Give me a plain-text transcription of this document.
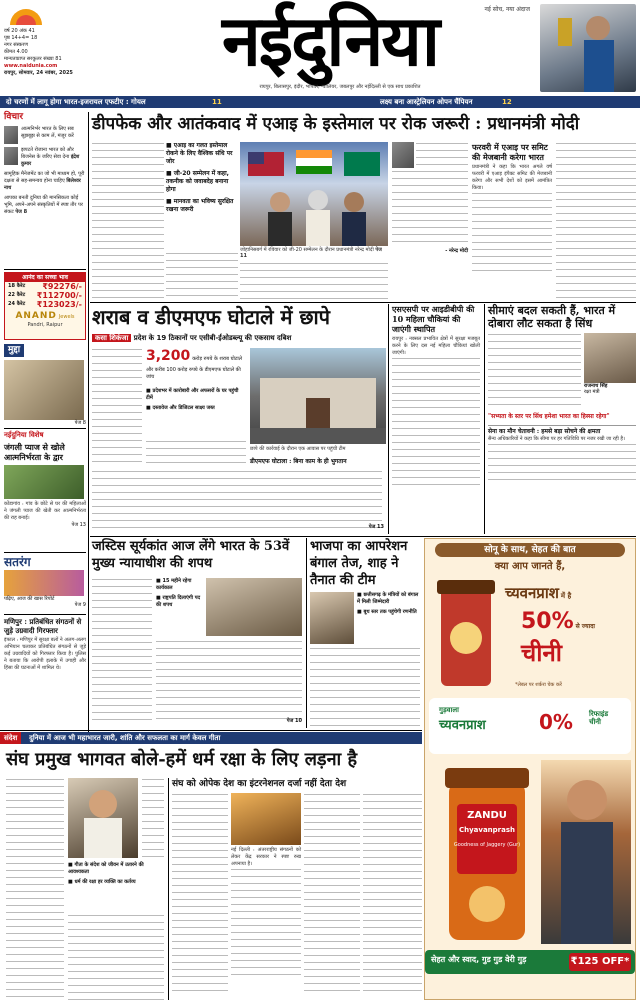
वर्ष 20 अंक 41
पृष्ठ 14+4= 18
नगर संस्करण
कीमत 4.00
मान्यताप्राप्त सरकुलर संख्या 81
www.naidunia.com
रायपुर, सोमवार, 24 नवंबर, 2025	नईदुनिया	नई सोच, नया अंदाज
रायपुर, बिलासपुर, इंदौर, भोपाल, ग्वालियर, जबलपुर और नईदिल्ली से एक साथ प्रकाशित
दो चरणों में लागू होगा भारत-इजरायल एफटीए : गोयल	11	लक्ष्य बना आस्ट्रेलियन ओपन चैंपियन	12
विचार
आत्मनिर्भर भारत के लिए सब सूझबूझ से काम लें, मंजूर करें
झपटते रोजाना भारत को और बिजनेस के जरिए सेवा देना इंद्रेश कुमार
सामूहिक मैनेजमेंट का जो भी माध्यम हो, पूरी दक्षता से सह-समन्वय होना चाहिए बिलेश्वर नाथ
आपका बनती दुनिया की मानसिकता कोई भूमि, अपने-अपने संस्कृतियों में स्पष्ट तौर पर संकट पेज 8
आनंद का सच्चा भाव
18 कैरेट ₹92276/-
22 कैरेट ₹112700/-
24 कैरेट ₹123023/-
ANAND Jewels
Pandri, Raipur
मुद्दा
पेज 8
नईदुनिया विशेष
जंगली प्याज से खोले आत्मनिर्भरता के द्वार
कोंडागांव : गांव के छोटे से घर की महिलाओं ने जंगली प्याज की खेती कर आत्मनिर्भरता की राह बनाई।
पेज 13
सतरंग
पढ़िए, आज की खास रिपोर्ट
पेज 9
मणिपुर : प्रतिबंधित संगठनों से जुड़े उग्रवादी गिरफ्तार
इंफाल : मणिपुर में सुरक्षा बलों ने अलग-अलग अभियान चलाकर प्रतिबंधित संगठनों से जुड़े कई उग्रवादियों को गिरफ्तार किया है। पुलिस ने बताया कि आरोपी इलाके में उगाही और हिंसा की घटनाओं में शामिल थे।
डीपफेक और आतंकवाद में एआइ के इस्तेमाल पर रोक जरूरी : प्रधानमंत्री मोदी
■ एआइ का गलत इस्तेमाल रोकने के लिए वैश्विक संधि पर जोर
■ जी-20 सम्मेलन में कहा, तकनीक को जवाबदेह बनाना होगा
■ मानवता का भविष्य सुरक्षित रखना जरूरी
जोहानिसबर्ग में रविवार को जी-20 सम्मेलन के दौरान प्रधानमंत्री नरेन्द्र मोदी पेज 11
- नरेन्द्र मोदी
फरवरी में एआइ पर समिट की मेजबानी करेगा भारत
प्रधानमंत्री ने कहा कि भारत अगले वर्ष फरवरी में एआइ इंपैक्ट समिट की मेजबानी करेगा और सभी देशों को इसमें आमंत्रित किया।
शराब व डीएमएफ घोटाले में छापे
कसा शिकंजा प्रदेश के 19 ठिकानों पर एसीबी-ईओडब्ल्यू की एकसाथ दबिश
3,200 करोड़ रुपये के शराब घोटाले और करीब 100 करोड़ रुपये के डीएमएफ घोटाले की जांच
■ प्रदेशभर में कारोबारी और अफसरों के घर पहुंची टीमें
■ दस्तावेज और डिजिटल साक्ष्य जब्त
छापे की कार्रवाई के दौरान एक आवास पर पहुंची टीम
डीएमएफ घोटाला : बिना काम के ही भुगतान
पेज 13
एसएसपी पर आइडीबीपी की 10 महिला चौकियां की जाएंगी स्थापित
रायपुर : नक्सल प्रभावित क्षेत्रों में सुरक्षा मजबूत करने के लिए दस नई महिला चौकियां खोली जाएंगी।
सीमाएं बदल सकती हैं, भारत में दोबारा लौट सकता है सिंध
राजनाथ सिंह
रक्षा मंत्री
"सभ्यता के स्तर पर सिंध हमेशा भारत का हिस्सा रहेगा"
सेना का मौन चेतावनी : हमसे बड़ा सोचने की क्षमता
सैन्य अधिकारियों ने कहा कि सीमा पर हर गतिविधि पर नजर रखी जा रही है।
जस्टिस सूर्यकांत आज लेंगे भारत के 53वें मुख्य न्यायाधीश की शपथ
■ 15 महीने रहेगा कार्यकाल
■ राष्ट्रपति दिलाएंगी पद की शपथ
पेज 10
भाजपा का आपरेशन बंगाल तेज, शाह ने तैनात की टीम
■ छत्तीसगढ़ के मंत्रियों को बंगाल में मिली जिम्मेदारी
■ बूथ स्तर तक पहुंचेगी रणनीति
सोनू के साथ, सेहत की बात
क्या आप जानते हैं,
च्यवनप्राश में है
50% से ज्यादा
चीनी
*लेबल पर शर्करा चेक करें
गुड़वाला
च्यवनप्राश	0%	रिफाइंड
चीनी
ZANDU
Chyavanprash
Goodness of Jaggery (Gur)
सेहत और स्वाद, गुड गुड वेरी गुड़	₹125 OFF*
संदेश दुनिया में आज भी महाभारत जारी, शांति और सफलता का मार्ग केवल गीता
संघ प्रमुख भागवत बोले-हमें धर्म रक्षा के लिए लड़ना है
■ गीता के संदेश को जीवन में उतारने की आवश्यकता
■ धर्म की रक्षा हर व्यक्ति का कर्तव्य
संघ को ओपेक देश का इंटरनेशनल दर्जा नहीं देता देश
नई दिल्ली : अंतरराष्ट्रीय संगठनों को लेकर केंद्र सरकार ने स्पष्ट रुख अपनाया है।
